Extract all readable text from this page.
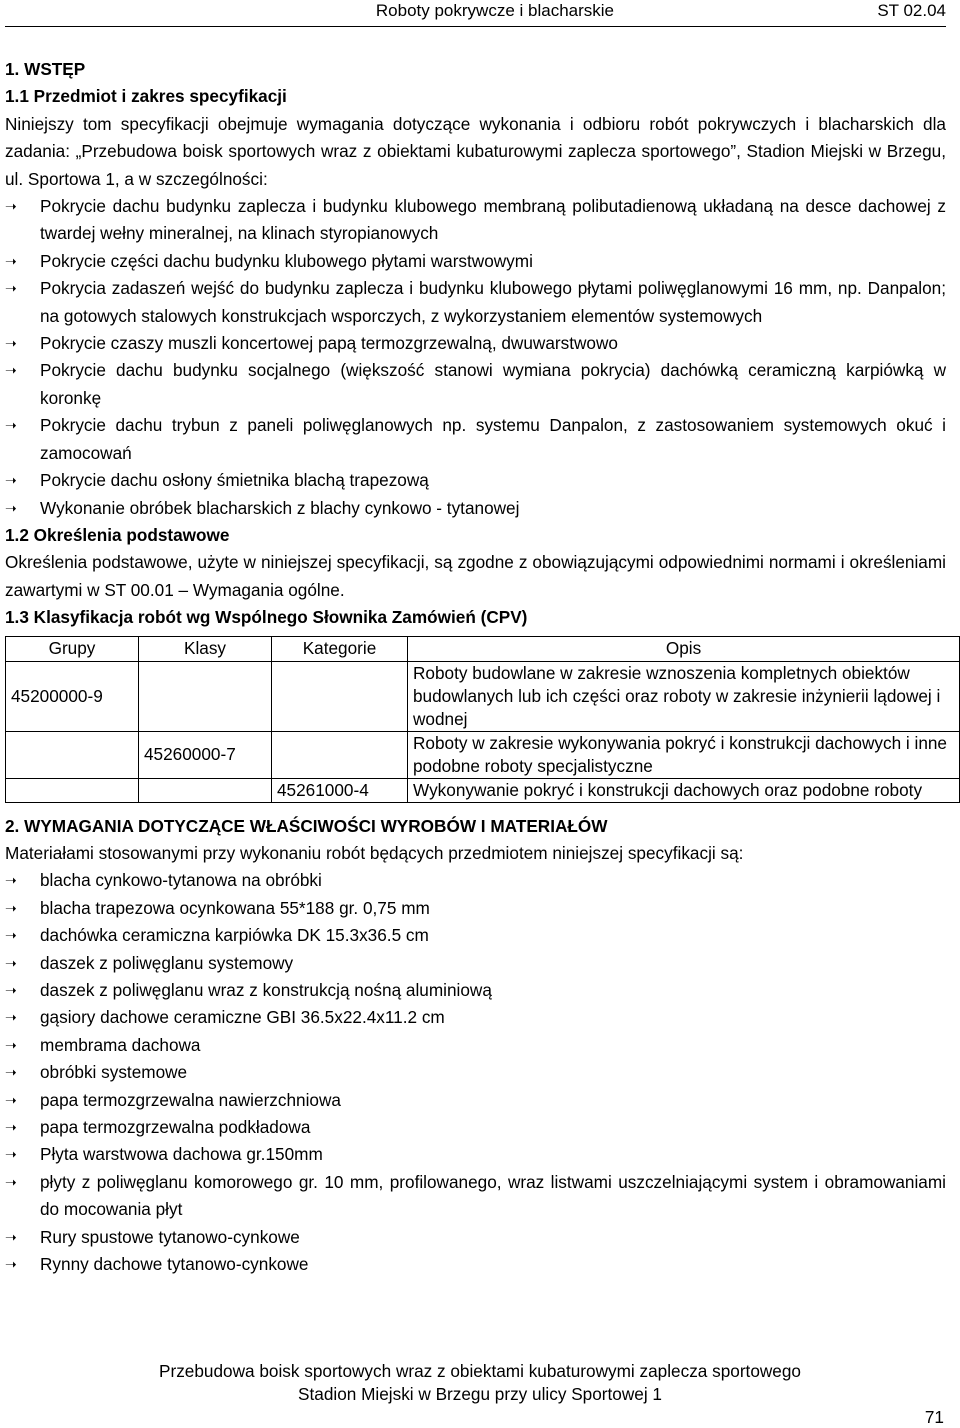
Roboty pokrywcze i blacharskie	ST 02.04

1. WSTĘP

1.1 Przedmiot i zakres specyfikacji

Niniejszy tom specyfikacji obejmuje wymagania dotyczące wykonania i odbioru robót pokrywczych i blacharskich dla zadania: „Przebudowa boisk sportowych wraz z obiektami kubaturowymi zaplecza sportowego”, Stadion Miejski w Brzegu, ul. Sportowa 1, a w szczególności:

➝	Pokrycie dachu budynku zaplecza i budynku klubowego membraną polibutadienową układaną na desce dachowej z twardej wełny mineralnej, na klinach styropianowych
➝	Pokrycie części dachu budynku klubowego płytami warstwowymi
➝	Pokrycia zadaszeń wejść do budynku zaplecza i budynku klubowego płytami poliwęglanowymi 16 mm, np. Danpalon; na gotowych stalowych konstrukcjach wsporczych, z wykorzystaniem elementów systemowych
➝	Pokrycie czaszy muszli koncertowej papą termozgrzewalną, dwuwarstwowo
➝	Pokrycie dachu budynku socjalnego (większość stanowi wymiana pokrycia) dachówką ceramiczną karpiówką w koronkę
➝	Pokrycie dachu trybun z paneli poliwęglanowych np. systemu Danpalon, z zastosowaniem systemowych okuć i zamocowań
➝	Pokrycie dachu osłony śmietnika blachą trapezową
➝	Wykonanie obróbek blacharskich z blachy cynkowo - tytanowej

1.2 Określenia podstawowe

Określenia podstawowe, użyte w niniejszej specyfikacji, są zgodne z obowiązującymi odpowiednimi normami i określeniami zawartymi w ST 00.01 – Wymagania ogólne.

1.3 Klasyfikacja robót wg Wspólnego Słownika Zamówień (CPV)

Grupy	Klasy	Kategorie	Opis
45200000-9			Roboty budowlane w zakresie wznoszenia kompletnych obiektów budowlanych lub ich części oraz roboty w zakresie inżynierii lądowej i wodnej
	45260000-7		Roboty w zakresie wykonywania pokryć i konstrukcji dachowych i inne podobne roboty specjalistyczne
		45261000-4	Wykonywanie pokryć i konstrukcji dachowych oraz podobne roboty

2. WYMAGANIA DOTYCZĄCE WŁAŚCIWOŚCI WYROBÓW I MATERIAŁÓW

Materiałami stosowanymi przy wykonaniu robót będących przedmiotem niniejszej specyfikacji są:

➝	blacha cynkowo-tytanowa na obróbki
➝	blacha trapezowa ocynkowana 55*188 gr. 0,75 mm
➝	dachówka ceramiczna karpiówka DK 15.3x36.5 cm
➝	daszek z poliwęglanu systemowy
➝	daszek z poliwęglanu wraz z konstrukcją nośną aluminiową
➝	gąsiory dachowe ceramiczne GBI 36.5x22.4x11.2 cm
➝	membrama dachowa
➝	obróbki systemowe
➝	papa termozgrzewalna nawierzchniowa
➝	papa termozgrzewalna podkładowa
➝	Płyta warstwowa dachowa gr.150mm
➝	płyty z poliwęglanu komorowego gr. 10 mm, profilowanego, wraz listwami uszczelniającymi system i obramowaniami do mocowania płyt
➝	Rury spustowe tytanowo-cynkowe
➝	Rynny dachowe tytanowo-cynkowe
Przebudowa boisk sportowych wraz z obiektami kubaturowymi zaplecza sportowego
Stadion Miejski w Brzegu przy ulicy Sportowej 1
71
